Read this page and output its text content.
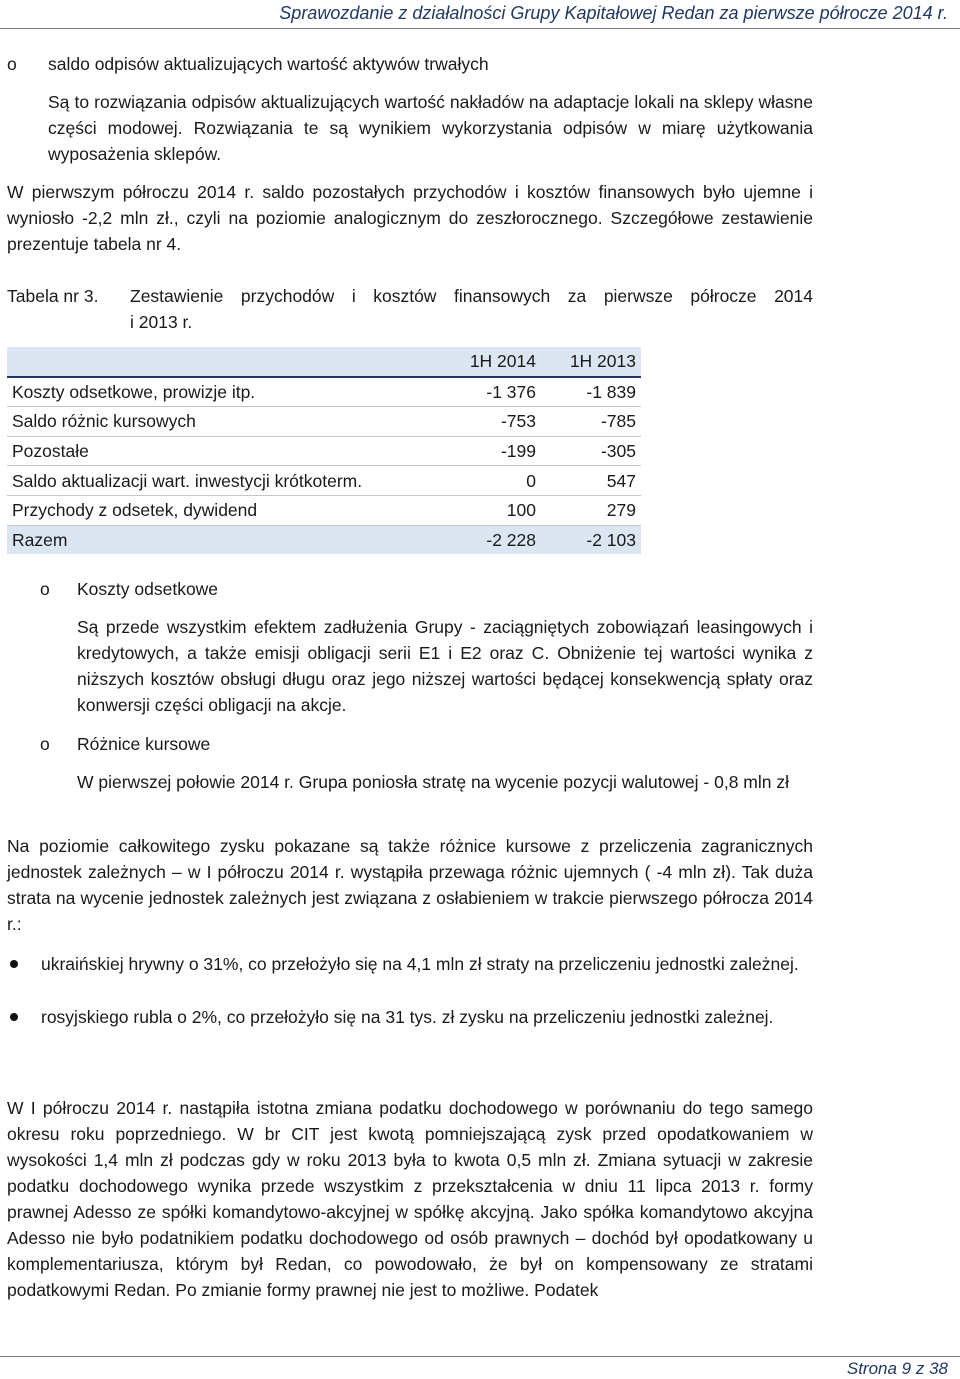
Sprawozdanie z działalności Grupy Kapitałowej Redan za pierwsze półrocze 2014 r.
o saldo odpisów aktualizujących wartość aktywów trwałych

Są to rozwiązania odpisów aktualizujących wartość nakładów na adaptacje lokali na sklepy własne części modowej. Rozwiązania te są wynikiem wykorzystania odpisów w miarę użytkowania wyposażenia sklepów.

W pierwszym półroczu 2014 r. saldo pozostałych przychodów i kosztów finansowych było ujemne i wyniosło -2,2 mln zł., czyli na poziomie analogicznym do zeszłorocznego. Szczegółowe zestawienie prezentuje tabela nr 4.

Tabela nr 3. Zestawienie przychodów i kosztów finansowych za pierwsze półrocze 2014
i 2013 r.
	1H 2014	1H 2013
Koszty odsetkowe, prowizje itp.	-1 376	-1 839
Saldo różnic kursowych	-753	-785
Pozostałe	-199	-305
Saldo aktualizacji wart. inwestycji krótkoterm.	0	547
Przychody z odsetek, dywidend	100	279
Razem	-2 228	-2 103
o Koszty odsetkowe

Są przede wszystkim efektem zadłużenia Grupy - zaciągniętych zobowiązań leasingowych i kredytowych, a także emisji obligacji serii E1 i E2 oraz C. Obniżenie tej wartości wynika z niższych kosztów obsługi długu oraz jego niższej wartości będącej konsekwencją spłaty oraz konwersji części obligacji na akcje.

o Różnice kursowe

W pierwszej połowie 2014 r. Grupa poniosła stratę na wycenie pozycji walutowej - 0,8 mln zł

Na poziomie całkowitego zysku pokazane są także różnice kursowe z przeliczenia zagranicznych jednostek zależnych – w I półroczu 2014 r. wystąpiła przewaga różnic ujemnych ( -4 mln zł). Tak duża strata na wycenie jednostek zależnych jest związana z osłabieniem w trakcie pierwszego półrocza 2014 r.:

ukraińskiej hrywny o 31%, co przełożyło się na 4,1 mln zł straty na przeliczeniu jednostki zależnej.

rosyjskiego rubla o 2%, co przełożyło się na 31 tys. zł zysku na przeliczeniu jednostki zależnej.

W I półroczu 2014 r. nastąpiła istotna zmiana podatku dochodowego w porównaniu do tego samego okresu roku poprzedniego. W br CIT jest kwotą pomniejszającą zysk przed opodatkowaniem w wysokości 1,4 mln zł podczas gdy w roku 2013 była to kwota 0,5 mln zł. Zmiana sytuacji w zakresie podatku dochodowego wynika przede wszystkim z przekształcenia w dniu 11 lipca 2013 r. formy prawnej Adesso ze spółki komandytowo-akcyjnej w spółkę akcyjną. Jako spółka komandytowo akcyjna Adesso nie było podatnikiem podatku dochodowego od osób prawnych – dochód był opodatkowany u komplementariusza, którym był Redan, co powodowało, że był on kompensowany ze stratami podatkowymi Redan. Po zmianie formy prawnej nie jest to możliwe. Podatek

Strona 9 z 38
